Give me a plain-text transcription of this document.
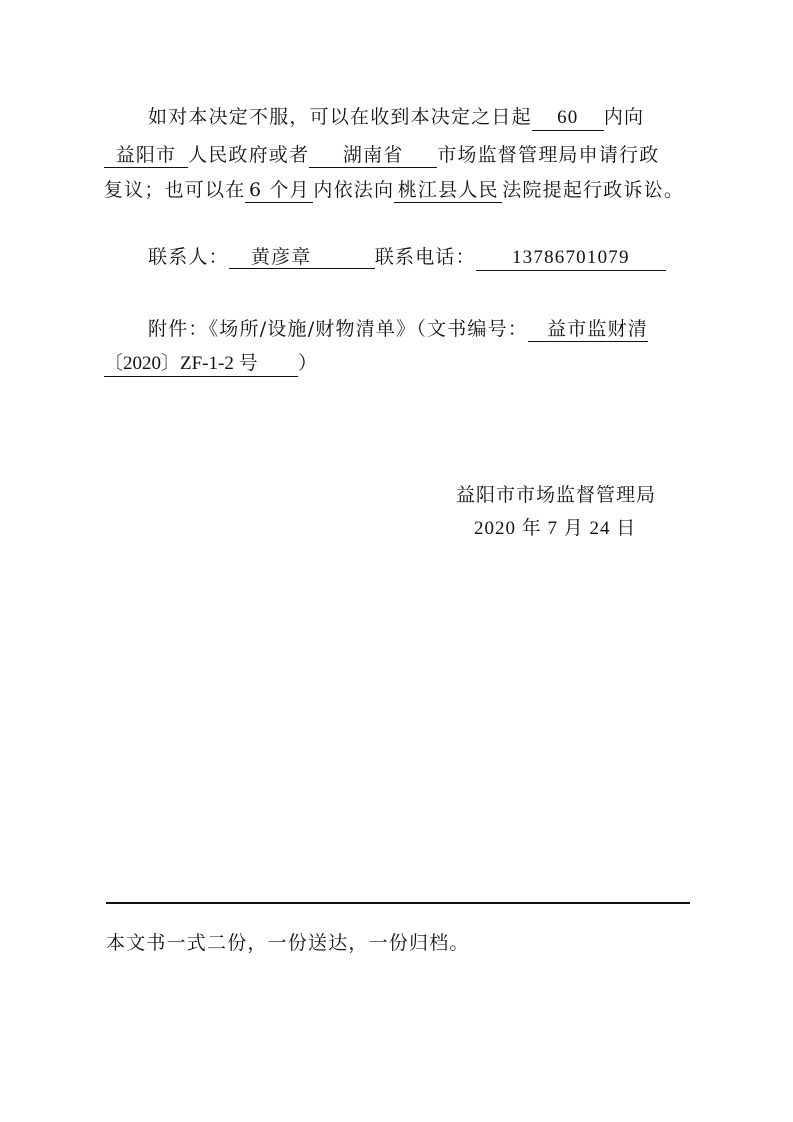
如对本决定不服，可以在收到本决定之日起 60 内向
益阳市 人民政府或者 湖南省 市场监督管理局申请行政
复议；也可以在 6 个月 内依法向 桃江县人民 法院提起行政诉讼。
联系人： 黄彦章	联系电话： 13786701079
附件：《场所/设施/财物清单》（文书编号： 益市监财清
〔2020〕ZF-1-2 号 ）
益阳市市场监督管理局
2020 年 7 月 24 日
本文书一式二份，一份送达，一份归档。
